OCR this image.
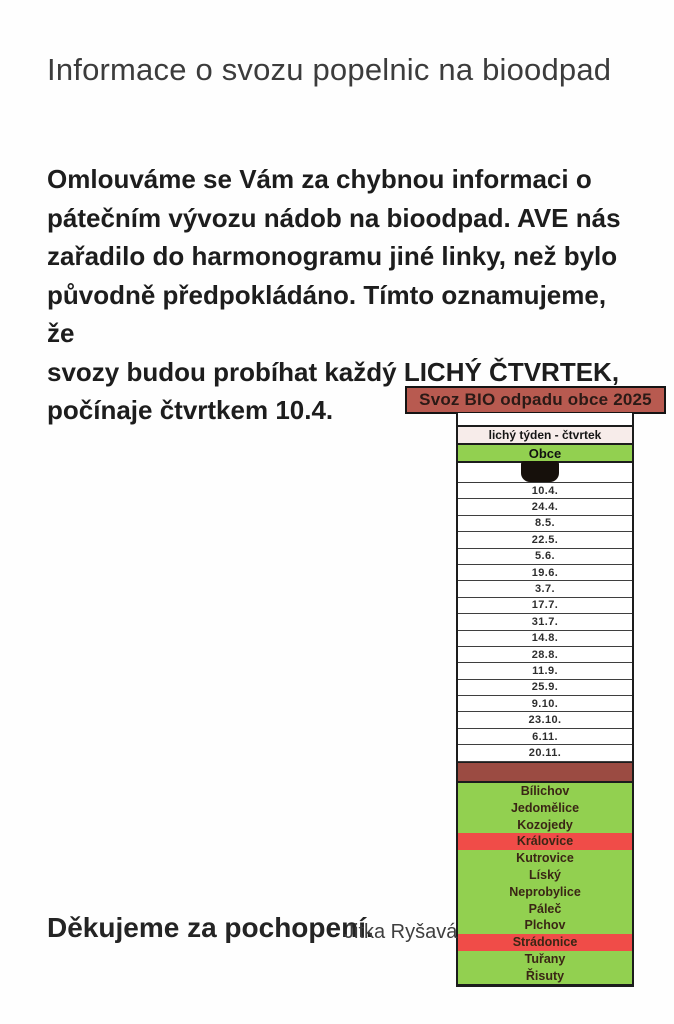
Informace o svozu popelnic na bioodpad
Omlouváme se Vám za chybnou informaci o
pátečním vývozu nádob na bioodpad. AVE nás
zařadilo do harmonogramu jiné linky, než bylo
původně předpokládáno. Tímto oznamujeme, že
svozy budou probíhat každý LICHÝ ČTVRTEK,
počínaje čtvrtkem 10.4.	Svoz BIO odpadu obce 2025
lichý týden - čtvrtek
Obce
10.4.
24.4.
8.5.
22.5.
5.6.
19.6.
3.7.
17.7.
31.7.
14.8.
28.8.
11.9.
25.9.
9.10.
23.10.
6.11.
20.11.
Bílichov
Jedomělice
Kozojedy
Královice
Kutrovice
Líský
Neprobylice
Páleč
Plchov
Strádonice
Tuřany
Řisuty
Děkujeme za pochopení.
Jitka Ryšavá
